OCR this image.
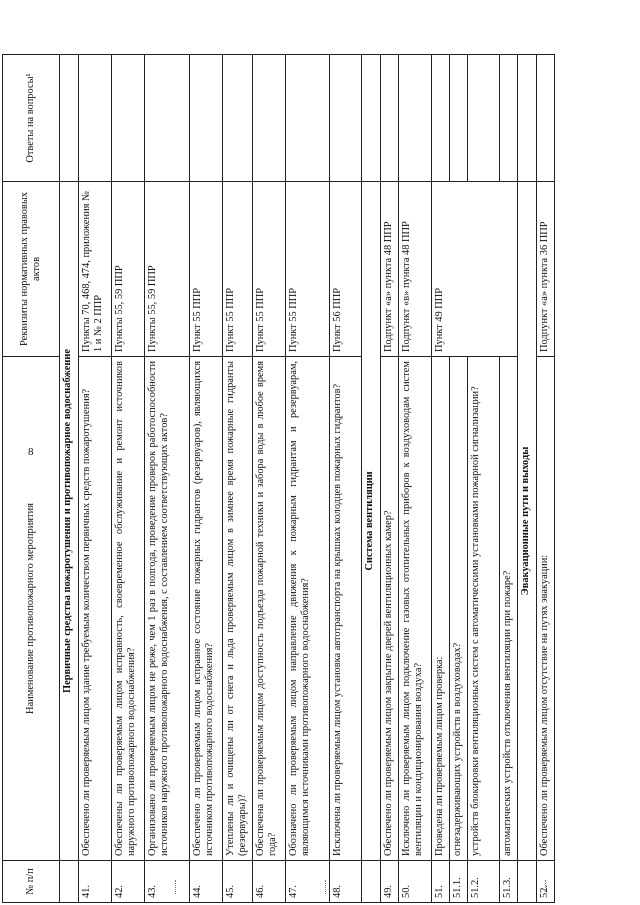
8
№ п/п	Наименование противопожарного мероприятия	Реквизиты нормативных правовых актов	Ответы на вопросы¹
	Первичные средства пожаротушения и противопожарное водоснабжение		
41.	Обеспечено ли проверяемым лицом здание требуемым количеством первичных средств пожаротушения?	Пункты 70, 468, 474, приложения № 1 и № 2 ППР	
42.	Обеспечены ли проверяемым лицом исправность, своевременное обслуживание и ремонт источников наружного противопожарного водоснабжения?	Пункты 55, 59 ППР	
43.	Организовано ли проверяемым лицом не реже, чем 1 раз в полгода, проведение проверок работоспособности источников наружного противопожарного водоснабжения, с составлением соответствующих актов?	Пункты 55, 59 ППР	
44.	Обеспечено ли проверяемым лицом исправное состояние пожарных гидрантов (резервуаров), являющихся источником противопожарного водоснабжения?	Пункт 55 ППР	
45.	Утеплены ли и очищены ли от снега и льда проверяемым лицом в зимнее время пожарные гидранты (резервуары)?	Пункт 55 ППР	
46.	Обеспечена ли проверяемым лицом доступность подъезда пожарной техники и забора воды в любое время года?	Пункт 55 ППР	
47.	Обозначено ли проверяемым лицом направление движения к пожарным гидрантам и резервуарам, являющимся источниками противопожарного водоснабжения?	Пункт 55 ППР	
48.	Исключена ли проверяемым лицом установка автотранспорта на крышках колодцев пожарных гидрантов?	Пункт 56 ППР	
	Система вентиляции		
49.	Обеспечено ли проверяемым лицом закрытие дверей вентиляционных камер?	Подпункт «а» пункта 48 ППР	
50.	Исключено ли проверяемым лицом подключение газовых отопительных приборов к воздуховодам систем вентиляции и кондиционирования воздуха?	Подпункт «в» пункта 48 ППР	
51.	Проведена ли проверяемым лицом проверка:	Пункт 49 ППР	
51.1.	огнезадерживающих устройств в воздуховодах?		
51.2.	устройств блокировки вентиляционных систем с автоматическими установками пожарной сигнализации?		
51.3.	автоматических устройств отключения вентиляции при пожаре?		
	Эвакуационные пути и выходы		
52.	Обеспечено ли проверяемым лицом отсутствие на путях эвакуации:	Подпункт «а» пункта 36 ППР	
